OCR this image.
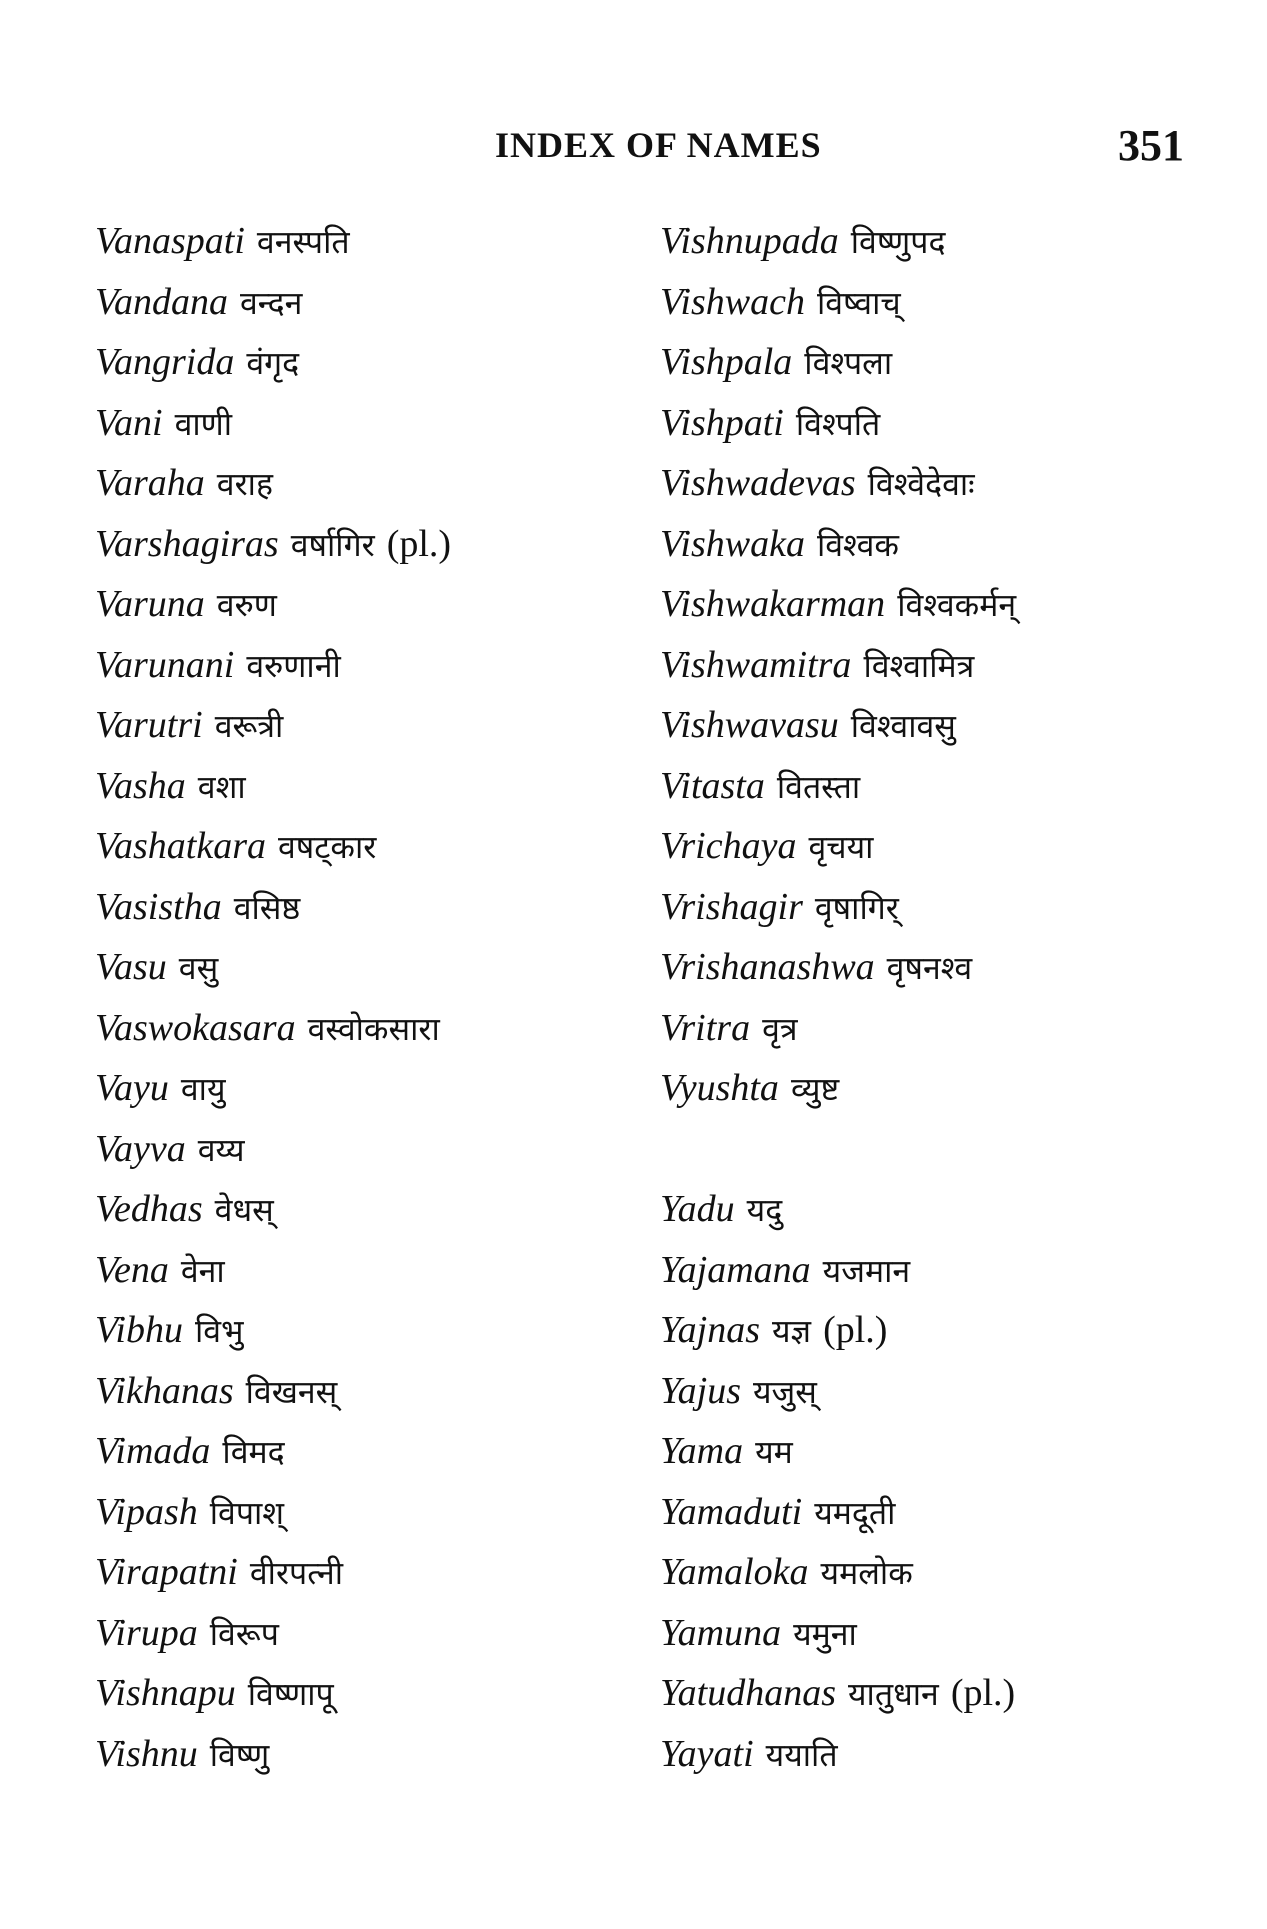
INDEX OF NAMES	351
Vanaspati वनस्पति
Vandana वन्दन
Vangrida वंगृद
Vani वाणी
Varaha वराह
Varshagiras वर्षागिर (pl.)
Varuna वरुण
Varunani वरुणानी
Varutri वरूत्री
Vasha वशा
Vashatkara वषट्कार
Vasistha वसिष्ठ
Vasu वसु
Vaswokasara वस्वोकसारा
Vayu वायु
Vayva वय्य
Vedhas वेधस्
Vena वेना
Vibhu विभु
Vikhanas विखनस्
Vimada विमद
Vipash विपाश्
Virapatni वीरपत्नी
Virupa विरूप
Vishnapu विष्णापू
Vishnu विष्णु
Vishnupada विष्णुपद
Vishwach विष्वाच्
Vishpala विश्पला
Vishpati विश्पति
Vishwadevas विश्वेदेवाः
Vishwaka विश्वक
Vishwakarman विश्वकर्मन्
Vishwamitra विश्वामित्र
Vishwavasu विश्वावसु
Vitasta वितस्ता
Vrichaya वृचया
Vrishagir वृषागिर्
Vrishanashwa वृषनश्व
Vritra वृत्र
Vyushta व्युष्ट
Yadu यदु
Yajamana यजमान
Yajnas यज्ञ (pl.)
Yajus यजुस्
Yama यम
Yamaduti यमदूती
Yamaloka यमलोक
Yamuna यमुना
Yatudhanas यातुधान (pl.)
Yayati ययाति
